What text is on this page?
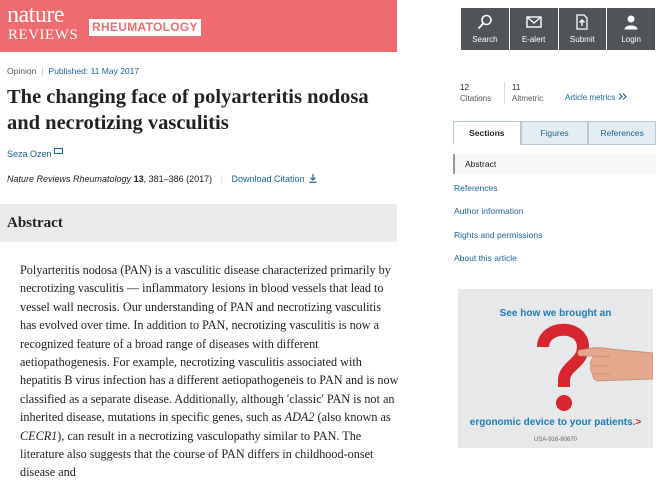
nature
REVIEWS RHEUMATOLOGY
Search	E-alert	Submit	Login
Opinion | Published: 11 May 2017
The changing face of polyarteritis nodosa and necrotizing vasculitis
Seza Ozen
Nature Reviews Rheumatology 13, 381–386 (2017) | Download Citation
Abstract

Polyarteritis nodosa (PAN) is a vasculitic disease characterized primarily by necrotizing vasculitis — inflammatory lesions in blood vessels that lead to vessel wall necrosis. Our understanding of PAN and necrotizing vasculitis has evolved over time. In addition to PAN, necrotizing vasculitis is now a recognized feature of a broad range of diseases with different aetiopathogenesis. For example, necrotizing vasculitis associated with hepatitis B virus infection has a different aetiopathogeneis to PAN and is now classified as a separate disease. Additionally, although 'classic' PAN is not an inherited disease, mutations in specific genes, such as ADA2 (also known as CECR1), can result in a necrotizing vasculopathy similar to PAN. The literature also suggests that the course of PAN differs in childhood-onset disease and

12
Citations
11
Altmetric	Article metrics
Sections	Figures	References
Abstract
References
Author information
Rights and permissions
About this article
See how we brought an
ergonomic device to your patients.>
USA-916-80670
